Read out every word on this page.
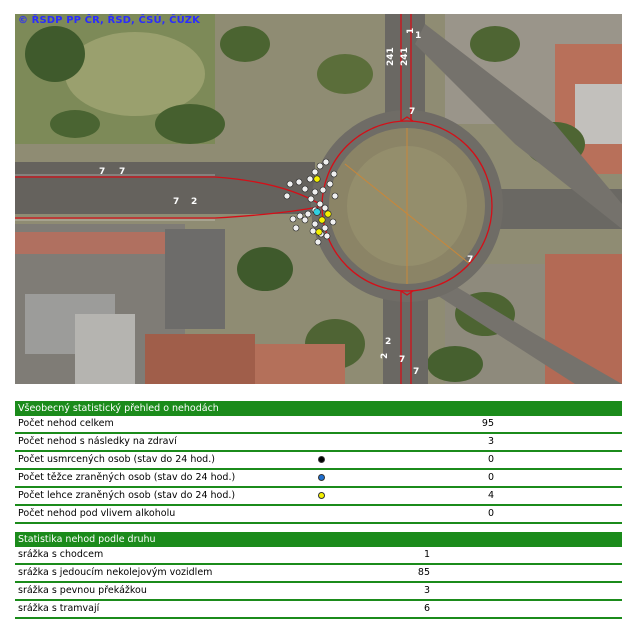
7 7
7 2
7
1
7
2
7
7
241
1
241
2
© ŘSDP PP ČR, ŘSD, ČSÚ, ČÚZK
Všeobecný statistický přehled o nehodách
Počet nehod celkem	95
Počet nehod s následky na zdraví	3
Počet usmrcených osob (stav do 24 hod.)	0
Počet těžce zraněných osob (stav do 24 hod.)	0
Počet lehce zraněných osob (stav do 24 hod.)	4
Počet nehod pod vlivem alkoholu	0
Statistika nehod podle druhu
srážka s chodcem	1
srážka s jedoucím nekolejovým vozidlem	85
srážka s pevnou překážkou	3
srážka s tramvají	6
